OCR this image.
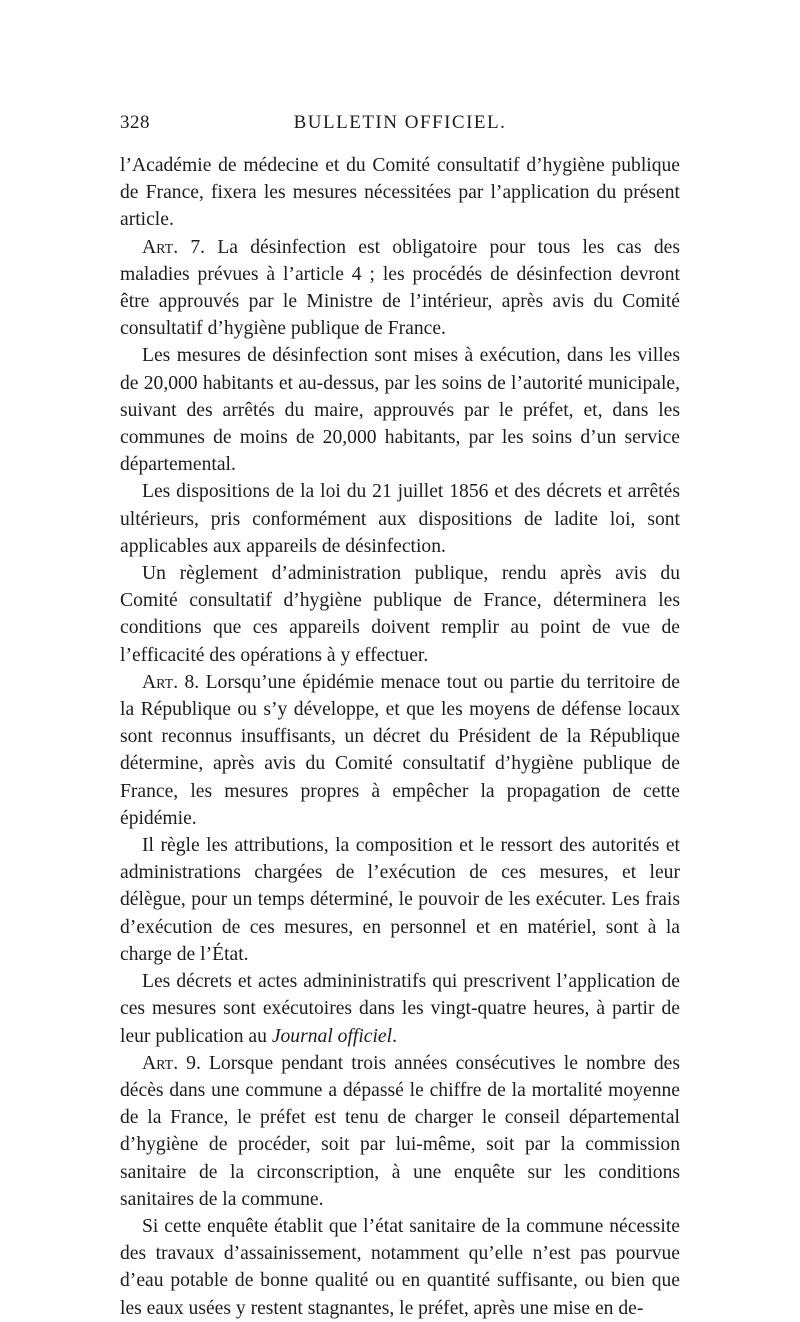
328	BULLETIN OFFICIEL.

l’Académie de médecine et du Comité consultatif d’hygiène publique de France, fixera les mesures nécessitées par l’application du présent article.

Art. 7. La désinfection est obligatoire pour tous les cas des maladies prévues à l’article 4 ; les procédés de désinfection devront être approuvés par le Ministre de l’intérieur, après avis du Comité consultatif d’hygiène publique de France.

Les mesures de désinfection sont mises à exécution, dans les villes de 20,000 habitants et au-dessus, par les soins de l’autorité municipale, suivant des arrêtés du maire, approuvés par le préfet, et, dans les communes de moins de 20,000 habitants, par les soins d’un service départemental.

Les dispositions de la loi du 21 juillet 1856 et des décrets et arrêtés ultérieurs, pris conformément aux dispositions de ladite loi, sont applicables aux appareils de désinfection.

Un règlement d’administration publique, rendu après avis du Comité consultatif d’hygiène publique de France, déterminera les conditions que ces appareils doivent remplir au point de vue de l’efficacité des opérations à y effectuer.

Art. 8. Lorsqu’une épidémie menace tout ou partie du territoire de la République ou s’y développe, et que les moyens de défense locaux sont reconnus insuffisants, un décret du Président de la République détermine, après avis du Comité consultatif d’hygiène publique de France, les mesures propres à empêcher la propagation de cette épidémie.

Il règle les attributions, la composition et le ressort des autorités et administrations chargées de l’exécution de ces mesures, et leur délègue, pour un temps déterminé, le pouvoir de les exécuter. Les frais d’exécution de ces mesures, en personnel et en matériel, sont à la charge de l’État.

Les décrets et actes admininistratifs qui prescrivent l’application de ces mesures sont exécutoires dans les vingt-quatre heures, à partir de leur publication au Journal officiel.

Art. 9. Lorsque pendant trois années consécutives le nombre des décès dans une commune a dépassé le chiffre de la mortalité moyenne de la France, le préfet est tenu de charger le conseil départemental d’hygiène de procéder, soit par lui-même, soit par la commission sanitaire de la circonscription, à une enquête sur les conditions sanitaires de la commune.

Si cette enquête établit que l’état sanitaire de la commune nécessite des travaux d’assainissement, notamment qu’elle n’est pas pourvue d’eau potable de bonne qualité ou en quantité suffisante, ou bien que les eaux usées y restent stagnantes, le préfet, après une mise en de-
